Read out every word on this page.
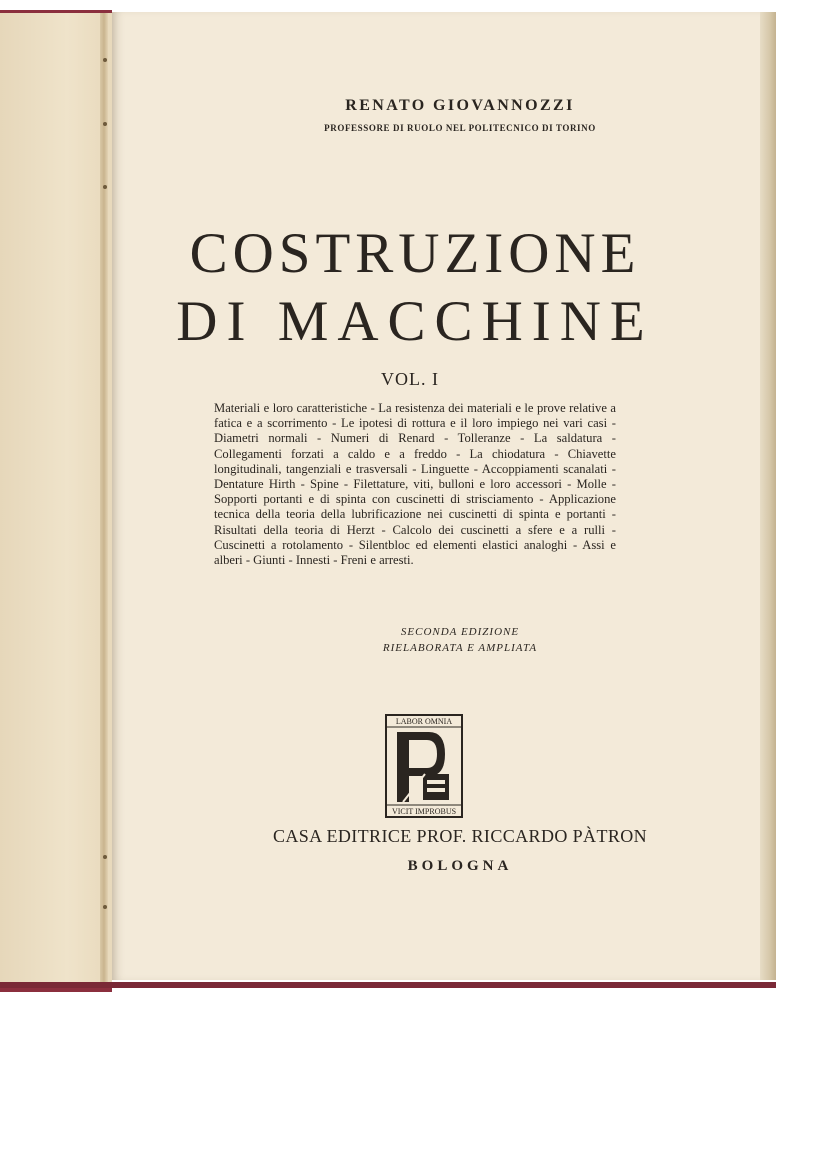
RENATO GIOVANNOZZI
PROFESSORE DI RUOLO NEL POLITECNICO DI TORINO
COSTRUZIONE
DI MACCHINE
VOL. I
Materiali e loro caratteristiche - La resistenza dei materiali e le prove relative a fatica e a scorrimento - Le ipotesi di rottura e il loro impiego nei vari casi - Diametri normali - Numeri di Renard - Tolleranze - La saldatura - Collegamenti forzati a caldo e a freddo - La chiodatura - Chiavette longitudinali, tangenziali e trasversali - Linguette - Accoppiamenti scanalati - Dentature Hirth - Spine - Filettature, viti, bulloni e loro accessori - Molle - Sopporti portanti e di spinta con cuscinetti di strisciamento - Applicazione tecnica della teoria della lubrificazione nei cuscinetti di spinta e portanti - Risultati della teoria di Herzt - Calcolo dei cuscinetti a sfere e a rulli - Cuscinetti a rotolamento - Silentbloc ed elementi elastici analoghi - Assi e alberi - Giunti - Innesti - Freni e arresti.
SECONDA EDIZIONE
RIELABORATA E AMPLIATA
LABOR OMNIA
VICIT IMPROBUS
CASA EDITRICE PROF. RICCARDO PÀTRON
BOLOGNA
